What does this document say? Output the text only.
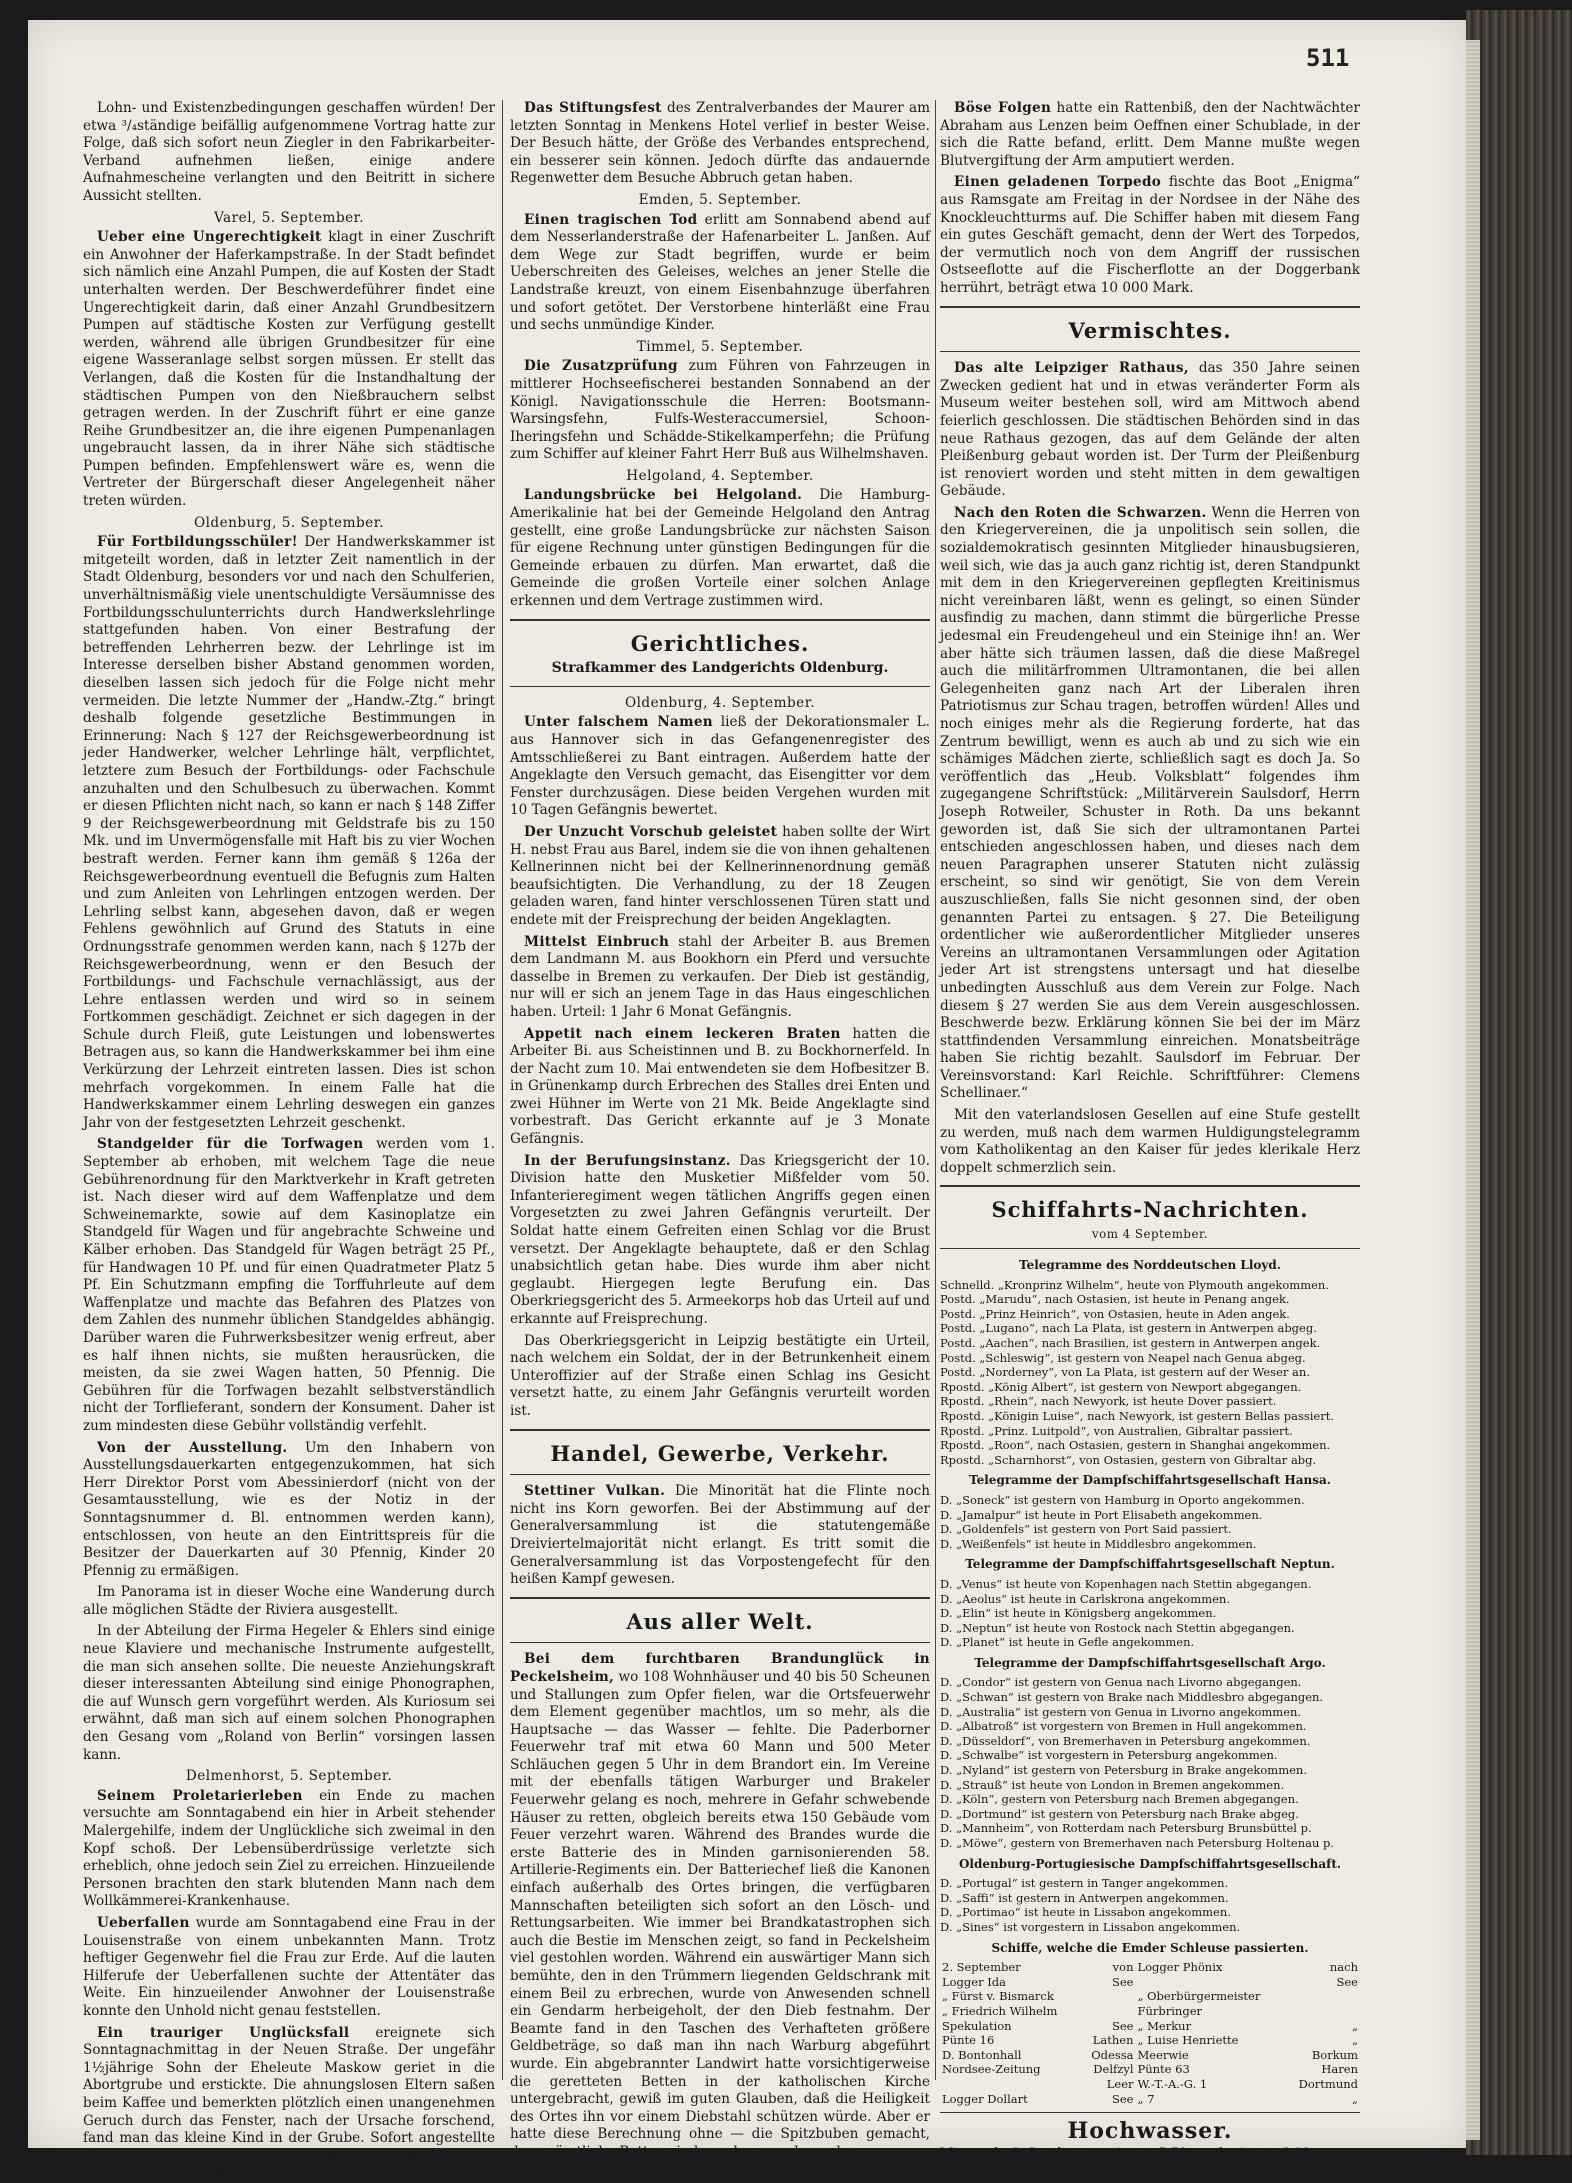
511

Lohn- und Existenzbedingungen geschaffen würden! Der etwa ³/₄ständige beifällig aufgenommene Vortrag hatte zur Folge, daß sich sofort neun Ziegler in den Fabrikarbeiter-Verband aufnehmen ließen, einige andere Aufnahmescheine verlangten und den Beitritt in sichere Aussicht stellten.

Varel, 5. September.

Ueber eine Ungerechtigkeit klagt in einer Zuschrift ein Anwohner der Haferkampstraße. In der Stadt befindet sich nämlich eine Anzahl Pumpen, die auf Kosten der Stadt unterhalten werden. Der Beschwerdeführer findet eine Ungerechtigkeit darin, daß einer Anzahl Grundbesitzern Pumpen auf städtische Kosten zur Verfügung gestellt werden, während alle übrigen Grundbesitzer für eine eigene Wasseranlage selbst sorgen müssen. Er stellt das Verlangen, daß die Kosten für die Instandhaltung der städtischen Pumpen von den Nießbrauchern selbst getragen werden. In der Zuschrift führt er eine ganze Reihe Grundbesitzer an, die ihre eigenen Pumpenanlagen ungebraucht lassen, da in ihrer Nähe sich städtische Pumpen befinden. Empfehlenswert wäre es, wenn die Vertreter der Bürgerschaft dieser Angelegenheit näher treten würden.

Oldenburg, 5. September.

Für Fortbildungsschüler! Der Handwerkskammer ist mitgeteilt worden, daß in letzter Zeit namentlich in der Stadt Oldenburg, besonders vor und nach den Schulferien, unverhältnismäßig viele unentschuldigte Versäumnisse des Fortbildungsschulunterrichts durch Handwerkslehrlinge stattgefunden haben. Von einer Bestrafung der betreffenden Lehrherren bezw. der Lehrlinge ist im Interesse derselben bisher Abstand genommen worden, dieselben lassen sich jedoch für die Folge nicht mehr vermeiden. Die letzte Nummer der „Handw.-Ztg.“ bringt deshalb folgende gesetzliche Bestimmungen in Erinnerung: Nach § 127 der Reichsgewerbeordnung ist jeder Handwerker, welcher Lehrlinge hält, verpflichtet, letztere zum Besuch der Fortbildungs- oder Fachschule anzuhalten und den Schulbesuch zu überwachen. Kommt er diesen Pflichten nicht nach, so kann er nach § 148 Ziffer 9 der Reichsgewerbeordnung mit Geldstrafe bis zu 150 Mk. und im Unvermögensfalle mit Haft bis zu vier Wochen bestraft werden. Ferner kann ihm gemäß § 126a der Reichsgewerbeordnung eventuell die Befugnis zum Halten und zum Anleiten von Lehrlingen entzogen werden. Der Lehrling selbst kann, abgesehen davon, daß er wegen Fehlens gewöhnlich auf Grund des Statuts in eine Ordnungsstrafe genommen werden kann, nach § 127b der Reichsgewerbeordnung, wenn er den Besuch der Fortbildungs- und Fachschule vernachlässigt, aus der Lehre entlassen werden und wird so in seinem Fortkommen geschädigt. Zeichnet er sich dagegen in der Schule durch Fleiß, gute Leistungen und lobenswertes Betragen aus, so kann die Handwerkskammer bei ihm eine Verkürzung der Lehrzeit eintreten lassen. Dies ist schon mehrfach vorgekommen. In einem Falle hat die Handwerkskammer einem Lehrling deswegen ein ganzes Jahr von der festgesetzten Lehrzeit geschenkt.

Standgelder für die Torfwagen werden vom 1. September ab erhoben, mit welchem Tage die neue Gebührenordnung für den Marktverkehr in Kraft getreten ist. Nach dieser wird auf dem Waffenplatze und dem Schweinemarkte, sowie auf dem Kasinoplatze ein Standgeld für Wagen und für angebrachte Schweine und Kälber erhoben. Das Standgeld für Wagen beträgt 25 Pf., für Handwagen 10 Pf. und für einen Quadratmeter Platz 5 Pf. Ein Schutzmann empfing die Torffuhrleute auf dem Waffenplatze und machte das Befahren des Platzes von dem Zahlen des nunmehr üblichen Standgeldes abhängig. Darüber waren die Fuhrwerksbesitzer wenig erfreut, aber es half ihnen nichts, sie mußten herausrücken, die meisten, da sie zwei Wagen hatten, 50 Pfennig. Die Gebühren für die Torfwagen bezahlt selbstverständlich nicht der Torflieferant, sondern der Konsument. Daher ist zum mindesten diese Gebühr vollständig verfehlt.

Von der Ausstellung. Um den Inhabern von Ausstellungsdauerkarten entgegenzukommen, hat sich Herr Direktor Porst vom Abessinierdorf (nicht von der Gesamtausstellung, wie es der Notiz in der Sonntagsnummer d. Bl. entnommen werden kann), entschlossen, von heute an den Eintrittspreis für die Besitzer der Dauerkarten auf 30 Pfennig, Kinder 20 Pfennig zu ermäßigen.

Im Panorama ist in dieser Woche eine Wanderung durch alle möglichen Städte der Riviera ausgestellt.

In der Abteilung der Firma Hegeler & Ehlers sind einige neue Klaviere und mechanische Instrumente aufgestellt, die man sich ansehen sollte. Die neueste Anziehungskraft dieser interessanten Abteilung sind einige Phonographen, die auf Wunsch gern vorgeführt werden. Als Kuriosum sei erwähnt, daß man sich auf einem solchen Phonographen den Gesang vom „Roland von Berlin“ vorsingen lassen kann.

Delmenhorst, 5. September.

Seinem Proletarierleben ein Ende zu machen versuchte am Sonntagabend ein hier in Arbeit stehender Malergehilfe, indem der Unglückliche sich zweimal in den Kopf schoß. Der Lebensüberdrüssige verletzte sich erheblich, ohne jedoch sein Ziel zu erreichen. Hinzueilende Personen brachten den stark blutenden Mann nach dem Wollkämmerei-Krankenhause.

Ueberfallen wurde am Sonntagabend eine Frau in der Louisenstraße von einem unbekannten Mann. Trotz heftiger Gegenwehr fiel die Frau zur Erde. Auf die lauten Hilferufe der Ueberfallenen suchte der Attentäter das Weite. Ein hinzueilender Anwohner der Louisenstraße konnte den Unhold nicht genau feststellen.

Ein trauriger Unglücksfall ereignete sich Sonntagnachmittag in der Neuen Straße. Der ungefähr 1½jährige Sohn der Eheleute Maskow geriet in die Abortgrube und erstickte. Die ahnungslosen Eltern saßen beim Kaffee und bemerkten plötzlich einen unangenehmen Geruch durch das Fenster, nach der Ursache forschend, fand man das kleine Kind in der Grube. Sofort angestellte Wiederbelebungsversuche und ärztliche Behandlung blieben leider ohne Erfolg.

Das Stiftungsfest des Zentralverbandes der Maurer am letzten Sonntag in Menkens Hotel verlief in bester Weise. Der Besuch hätte, der Größe des Verbandes entsprechend, ein besserer sein können. Jedoch dürfte das andauernde Regenwetter dem Besuche Abbruch getan haben.

Emden, 5. September.

Einen tragischen Tod erlitt am Sonnabend abend auf dem Nesserlanderstraße der Hafenarbeiter L. Janßen. Auf dem Wege zur Stadt begriffen, wurde er beim Ueberschreiten des Geleises, welches an jener Stelle die Landstraße kreuzt, von einem Eisenbahnzuge überfahren und sofort getötet. Der Verstorbene hinterläßt eine Frau und sechs unmündige Kinder.

Timmel, 5. September.

Die Zusatzprüfung zum Führen von Fahrzeugen in mittlerer Hochseefischerei bestanden Sonnabend an der Königl. Navigationsschule die Herren: Bootsmann-Warsingsfehn, Fulfs-Westeraccumersiel, Schoon-Iheringsfehn und Schädde-Stikelkamperfehn; die Prüfung zum Schiffer auf kleiner Fahrt Herr Buß aus Wilhelmshaven.

Helgoland, 4. September.

Landungsbrücke bei Helgoland. Die Hamburg-Amerikalinie hat bei der Gemeinde Helgoland den Antrag gestellt, eine große Landungsbrücke zur nächsten Saison für eigene Rechnung unter günstigen Bedingungen für die Gemeinde erbauen zu dürfen. Man erwartet, daß die Gemeinde die großen Vorteile einer solchen Anlage erkennen und dem Vertrage zustimmen wird.

Gerichtliches.
Strafkammer des Landgerichts Oldenburg.
Oldenburg, 4. September.

Unter falschem Namen ließ der Dekorationsmaler L. aus Hannover sich in das Gefangenenregister des Amtsschließerei zu Bant eintragen. Außerdem hatte der Angeklagte den Versuch gemacht, das Eisengitter vor dem Fenster durchzusägen. Diese beiden Vergehen wurden mit 10 Tagen Gefängnis bewertet.

Der Unzucht Vorschub geleistet haben sollte der Wirt H. nebst Frau aus Barel, indem sie die von ihnen gehaltenen Kellnerinnen nicht bei der Kellnerinnenordnung gemäß beaufsichtigten. Die Verhandlung, zu der 18 Zeugen geladen waren, fand hinter verschlossenen Türen statt und endete mit der Freisprechung der beiden Angeklagten.

Mittelst Einbruch stahl der Arbeiter B. aus Bremen dem Landmann M. aus Bookhorn ein Pferd und versuchte dasselbe in Bremen zu verkaufen. Der Dieb ist geständig, nur will er sich an jenem Tage in das Haus eingeschlichen haben. Urteil: 1 Jahr 6 Monat Gefängnis.

Appetit nach einem leckeren Braten hatten die Arbeiter Bi. aus Scheistinnen und B. zu Bockhornerfeld. In der Nacht zum 10. Mai entwendeten sie dem Hofbesitzer B. in Grünenkamp durch Erbrechen des Stalles drei Enten und zwei Hühner im Werte von 21 Mk. Beide Angeklagte sind vorbestraft. Das Gericht erkannte auf je 3 Monate Gefängnis.

In der Berufungsinstanz. Das Kriegsgericht der 10. Division hatte den Musketier Mißfelder vom 50. Infanterieregiment wegen tätlichen Angriffs gegen einen Vorgesetzten zu zwei Jahren Gefängnis verurteilt. Der Soldat hatte einem Gefreiten einen Schlag vor die Brust versetzt. Der Angeklagte behauptete, daß er den Schlag unabsichtlich getan habe. Dies wurde ihm aber nicht geglaubt. Hiergegen legte Berufung ein. Das Oberkriegsgericht des 5. Armeekorps hob das Urteil auf und erkannte auf Freisprechung.

Das Oberkriegsgericht in Leipzig bestätigte ein Urteil, nach welchem ein Soldat, der in der Betrunkenheit einem Unteroffizier auf der Straße einen Schlag ins Gesicht versetzt hatte, zu einem Jahr Gefängnis verurteilt worden ist.

Handel, Gewerbe, Verkehr.

Stettiner Vulkan. Die Minorität hat die Flinte noch nicht ins Korn geworfen. Bei der Abstimmung auf der Generalversammlung ist die statutengemäße Dreiviertelmajorität nicht erlangt. Es tritt somit die Generalversammlung ist das Vorpostengefecht für den heißen Kampf gewesen.

Aus aller Welt.

Bei dem furchtbaren Brandunglück in Peckelsheim, wo 108 Wohnhäuser und 40 bis 50 Scheunen und Stallungen zum Opfer fielen, war die Ortsfeuerwehr dem Element gegenüber machtlos, um so mehr, als die Hauptsache — das Wasser — fehlte. Die Paderborner Feuerwehr traf mit etwa 60 Mann und 500 Meter Schläuchen gegen 5 Uhr in dem Brandort ein. Im Vereine mit der ebenfalls tätigen Warburger und Brakeler Feuerwehr gelang es noch, mehrere in Gefahr schwebende Häuser zu retten, obgleich bereits etwa 150 Gebäude vom Feuer verzehrt waren. Während des Brandes wurde die erste Batterie des in Minden garnisonierenden 58. Artillerie-Regiments ein. Der Batteriechef ließ die Kanonen einfach außerhalb des Ortes bringen, die verfügbaren Mannschaften beteiligten sich sofort an den Lösch- und Rettungsarbeiten. Wie immer bei Brandkatastrophen sich auch die Bestie im Menschen zeigt, so fand in Peckelsheim viel gestohlen worden. Während ein auswärtiger Mann sich bemühte, den in den Trümmern liegenden Geldschrank mit einem Beil zu erbrechen, wurde von Anwesenden schnell ein Gendarm herbeigeholt, der den Dieb festnahm. Der Beamte fand in den Taschen des Verhafteten größere Geldbeträge, so daß man ihn nach Warburg abgeführt wurde. Ein abgebrannter Landwirt hatte vorsichtigerweise die geretteten Betten in der katholischen Kirche untergebracht, gewiß im guten Glauben, daß die Heiligkeit des Ortes ihn vor einem Diebstahl schützen würde. Aber er hatte diese Berechnung ohne — die Spitzbuben gemacht, denn sämtliche Betten sind spurlos verschwunden.

Böse Folgen hatte ein Rattenbiß, den der Nachtwächter Abraham aus Lenzen beim Oeffnen einer Schublade, in der sich die Ratte befand, erlitt. Dem Manne mußte wegen Blutvergiftung der Arm amputiert werden.

Einen geladenen Torpedo fischte das Boot „Enigma“ aus Ramsgate am Freitag in der Nordsee in der Nähe des Knockleuchtturms auf. Die Schiffer haben mit diesem Fang ein gutes Geschäft gemacht, denn der Wert des Torpedos, der vermutlich noch von dem Angriff der russischen Ostseeflotte auf die Fischerflotte an der Doggerbank herrührt, beträgt etwa 10 000 Mark.

Vermischtes.

Das alte Leipziger Rathaus, das 350 Jahre seinen Zwecken gedient hat und in etwas veränderter Form als Museum weiter bestehen soll, wird am Mittwoch abend feierlich geschlossen. Die städtischen Behörden sind in das neue Rathaus gezogen, das auf dem Gelände der alten Pleißenburg gebaut worden ist. Der Turm der Pleißenburg ist renoviert worden und steht mitten in dem gewaltigen Gebäude.

Nach den Roten die Schwarzen. Wenn die Herren von den Kriegervereinen, die ja unpolitisch sein sollen, die sozialdemokratisch gesinnten Mitglieder hinausbugsieren, weil sich, wie das ja auch ganz richtig ist, deren Standpunkt mit dem in den Kriegervereinen gepflegten Kreitinismus nicht vereinbaren läßt, wenn es gelingt, so einen Sünder ausfindig zu machen, dann stimmt die bürgerliche Presse jedesmal ein Freudengeheul und ein Steinige ihn! an. Wer aber hätte sich träumen lassen, daß die diese Maßregel auch die militärfrommen Ultramontanen, die bei allen Gelegenheiten ganz nach Art der Liberalen ihren Patriotismus zur Schau tragen, betroffen würden! Alles und noch einiges mehr als die Regierung forderte, hat das Zentrum bewilligt, wenn es auch ab und zu sich wie ein schämiges Mädchen zierte, schließlich sagt es doch Ja. So veröffentlich das „Heub. Volksblatt“ folgendes ihm zugegangene Schriftstück: „Militärverein Saulsdorf, Herrn Joseph Rotweiler, Schuster in Roth. Da uns bekannt geworden ist, daß Sie sich der ultramontanen Partei entschieden angeschlossen haben, und dieses nach dem neuen Paragraphen unserer Statuten nicht zulässig erscheint, so sind wir genötigt, Sie von dem Verein auszuschließen, falls Sie nicht gesonnen sind, der oben genannten Partei zu entsagen. § 27. Die Beteiligung ordentlicher wie außerordentlicher Mitglieder unseres Vereins an ultramontanen Versammlungen oder Agitation jeder Art ist strengstens untersagt und hat dieselbe unbedingten Ausschluß aus dem Verein zur Folge. Nach diesem § 27 werden Sie aus dem Verein ausgeschlossen. Beschwerde bezw. Erklärung können Sie bei der im März stattfindenden Versammlung einreichen. Monatsbeiträge haben Sie richtig bezahlt. Saulsdorf im Februar. Der Vereinsvorstand: Karl Reichle. Schriftführer: Clemens Schellinaer.“

Mit den vaterlandslosen Gesellen auf eine Stufe gestellt zu werden, muß nach dem warmen Huldigungstelegramm vom Katholikentag an den Kaiser für jedes klerikale Herz doppelt schmerzlich sein.

Schiffahrts-Nachrichten.
vom 4 September.
Telegramme des Norddeutschen Lloyd.

Schnelld. „Kronprinz Wilhelm“, heute von Plymouth angekommen.

Postd. „Marudu“, nach Ostasien, ist heute in Penang angek.

Postd. „Prinz Heinrich“, von Ostasien, heute in Aden angek.

Postd. „Lugano“, nach La Plata, ist gestern in Antwerpen abgeg.

Postd. „Aachen“, nach Brasilien, ist gestern in Antwerpen angek.

Postd. „Schleswig“, ist gestern von Neapel nach Genua abgeg.

Postd. „Norderney“, von La Plata, ist gestern auf der Weser an.

Rpostd. „König Albert“, ist gestern von Newport abgegangen.

Rpostd. „Rhein“, nach Newyork, ist heute Dover passiert.

Rpostd. „Königin Luise“, nach Newyork, ist gestern Bellas passiert.

Rpostd. „Prinz. Luitpold“, von Australien, Gibraltar passiert.

Rpostd. „Roon“, nach Ostasien, gestern in Shanghai angekommen.

Rpostd. „Scharnhorst“, von Ostasien, gestern von Gibraltar abg.

Telegramme der Dampfschiffahrtsgesellschaft Hansa.

D. „Soneck“ ist gestern von Hamburg in Oporto angekommen.

D. „Jamalpur“ ist heute in Port Elisabeth angekommen.

D. „Goldenfels“ ist gestern von Port Said passiert.

D. „Weißenfels“ ist heute in Middlesbro angekommen.

Telegramme der Dampfschiffahrtsgesellschaft Neptun.

D. „Venus“ ist heute von Kopenhagen nach Stettin abgegangen.

D. „Aeolus“ ist heute in Carlskrona angekommen.

D. „Elin“ ist heute in Königsberg angekommen.

D. „Neptun“ ist heute von Rostock nach Stettin abgegangen.

D. „Planet“ ist heute in Gefle angekommen.

Telegramme der Dampfschiffahrtsgesellschaft Argo.

D. „Condor“ ist gestern von Genua nach Livorno abgegangen.

D. „Schwan“ ist gestern von Brake nach Middlesbro abgegangen.

D. „Australia“ ist gestern von Genua in Livorno angekommen.

D. „Albatroß“ ist vorgestern von Bremen in Hull angekommen.

D. „Düsseldorf“, von Bremerhaven in Petersburg angekommen.

D. „Schwalbe“ ist vorgestern in Petersburg angekommen.

D. „Nyland“ ist gestern von Petersburg in Brake angekommen.

D. „Strauß“ ist heute von London in Bremen angekommen.

D. „Köln“, gestern von Petersburg nach Bremen abgegangen.

D. „Dortmund“ ist gestern von Petersburg nach Brake abgeg.

D. „Mannheim“, von Rotterdam nach Petersburg Brunsbüttel p.

D. „Möwe“, gestern von Bremerhaven nach Petersburg Holtenau p.

Oldenburg-Portugiesische Dampfschiffahrtsgesellschaft.

D. „Portugal“ ist gestern in Tanger angekommen.

D. „Saffi“ ist gestern in Antwerpen angekommen.

D. „Portimao“ ist heute in Lissabon angekommen.

D. „Sines“ ist vorgestern in Lissabon angekommen.

Schiffe, welche die Emder Schleuse passierten.
2. September	von	Logger Phönix	nach
Logger Ida	See		See
„ Fürst v. Bismarck		„ Oberbürgermeister	
„ Friedrich Wilhelm		Fürbringer	
Spekulation	See	„ Merkur	„
Pünte 16	Lathen	„ Luise Henriette	„
D. Bontonhall	Odessa	Meerwie	Borkum
Nordsee-Zeitung	Delfzyl	Pünte 63	Haren
	Leer	W.-T.-A.-G. 1	Dortmund
Logger Dollart	See	„ 7	„
Hochwasser.
Mittwoch, 6. Septbr.: vormittags 5.52, nachmittags 6.09
